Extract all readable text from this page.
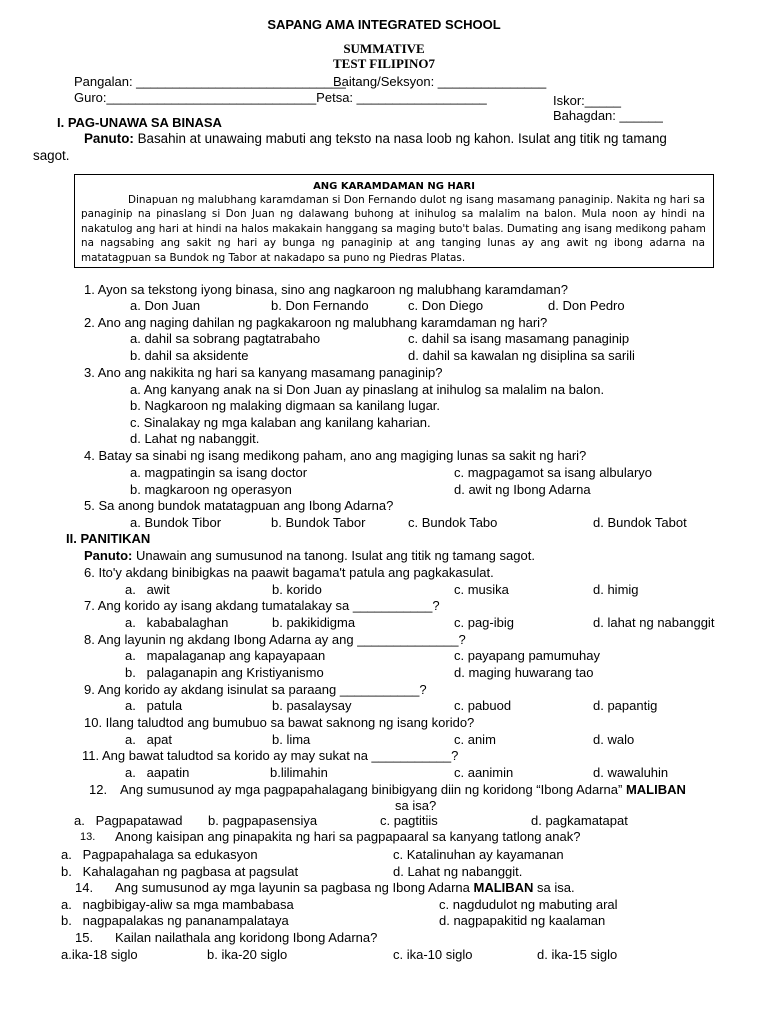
SAPANG AMA INTEGRATED SCHOOL
SUMMATIVE
TEST FILIPINO7
Pangalan: _____________________________
Baitang/Seksyon: _______________
Guro:_____________________________Petsa: __________________	Iskor:_____
Bahagdan: ______
I. PAG-UNAWA SA BINASA
Panuto: Basahin at unawaing mabuti ang teksto na nasa loob ng kahon. Isulat ang titik ng tamang
sagot.
ANG KARAMDAMAN NG HARI
Dinapuan ng malubhang karamdaman si Don Fernando dulot ng isang masamang panaginip. Nakita ng hari sa
panaginip na pinaslang si Don Juan ng dalawang buhong at inihulog sa malalim na balon. Mula noon ay hindi na
nakatulog ang hari at hindi na halos makakain hanggang sa maging buto't balas. Dumating ang isang medikong paham
na nagsabing ang sakit ng hari ay bunga ng panaginip at ang tanging lunas ay ang awit ng ibong adarna na
matatagpuan sa Bundok ng Tabor at nakadapo sa puno ng Piedras Platas.
1. Ayon sa tekstong iyong binasa, sino ang nagkaroon ng malubhang karamdaman?
a. Don Juan	b. Don Fernando	c. Don Diego	d. Don Pedro
2. Ano ang naging dahilan ng pagkakaroon ng malubhang karamdaman ng hari?
a. dahil sa sobrang pagtatrabaho	c. dahil sa isang masamang panaginip
b. dahil sa aksidente	d. dahil sa kawalan ng disiplina sa sarili
3. Ano ang nakikita ng hari sa kanyang masamang panaginip?
a. Ang kanyang anak na si Don Juan ay pinaslang at inihulog sa malalim na balon.
b. Nagkaroon ng malaking digmaan sa kanilang lugar.
c. Sinalakay ng mga kalaban ang kanilang kaharian.
d. Lahat ng nabanggit.
4. Batay sa sinabi ng isang medikong paham, ano ang magiging lunas sa sakit ng hari?
a. magpatingin sa isang doctor	c. magpagamot sa isang albularyo
b. magkaroon ng operasyon	d. awit ng Ibong Adarna
5. Sa anong bundok matatagpuan ang Ibong Adarna?
a. Bundok Tibor	b. Bundok Tabor	c. Bundok Tabo	d. Bundok Tabot
II. PANITIKAN
Panuto: Unawain ang sumusunod na tanong. Isulat ang titik ng tamang sagot.
6. Ito'y akdang binibigkas na paawit bagama't patula ang pagkakasulat.
a.   awit	b. korido	c. musika	d. himig
7. Ang korido ay isang akdang tumatalakay sa ___________?
a.   kababalaghan	b. pakikidigma	c. pag-ibig	d. lahat ng nabanggit
8. Ang layunin ng akdang Ibong Adarna ay ang ______________?
a.   mapalaganap ang kapayapaan	c. payapang pamumuhay
b.   palaganapin ang Kristiyanismo	d. maging huwarang tao
9. Ang korido ay akdang isinulat sa paraang ___________?
a.   patula	b. pasalaysay	c. pabuod	d. papantig
10. Ilang taludtod ang bumubuo sa bawat saknong ng isang korido?
a.   apat	b. lima	c. anim	d. walo
11. Ang bawat taludtod sa korido ay may sukat na ___________?
a.   aapatin	b.lilimahin	c. aanimin	d. wawaluhin
12. Ang sumusunod ay mga pagpapahalagang binibigyang diin ng koridong “Ibong Adarna” MALIBAN
sa isa?
a.   Pagpapatawad b. pagpapasensiya	c. pagtitiis	d. pagkamatapat
13. Anong kaisipan ang pinapakita ng hari sa pagpapaaral sa kanyang tatlong anak?
a.   Pagpapahalaga sa edukasyon	c. Katalinuhan ay kayamanan
b.   Kahalagahan ng pagbasa at pagsulat	d. Lahat ng nabanggit.
14. Ang sumusunod ay mga layunin sa pagbasa ng Ibong Adarna MALIBAN sa isa.
a.   nagbibigay-aliw sa mga mambabasa	c. nagdudulot ng mabuting aral
b.   nagpapalakas ng pananampalataya	d. nagpapakitid ng kaalaman
15. Kailan nailathala ang koridong Ibong Adarna?
a.ika-18 siglo	b. ika-20 siglo	c. ika-10 siglo	d. ika-15 siglo
